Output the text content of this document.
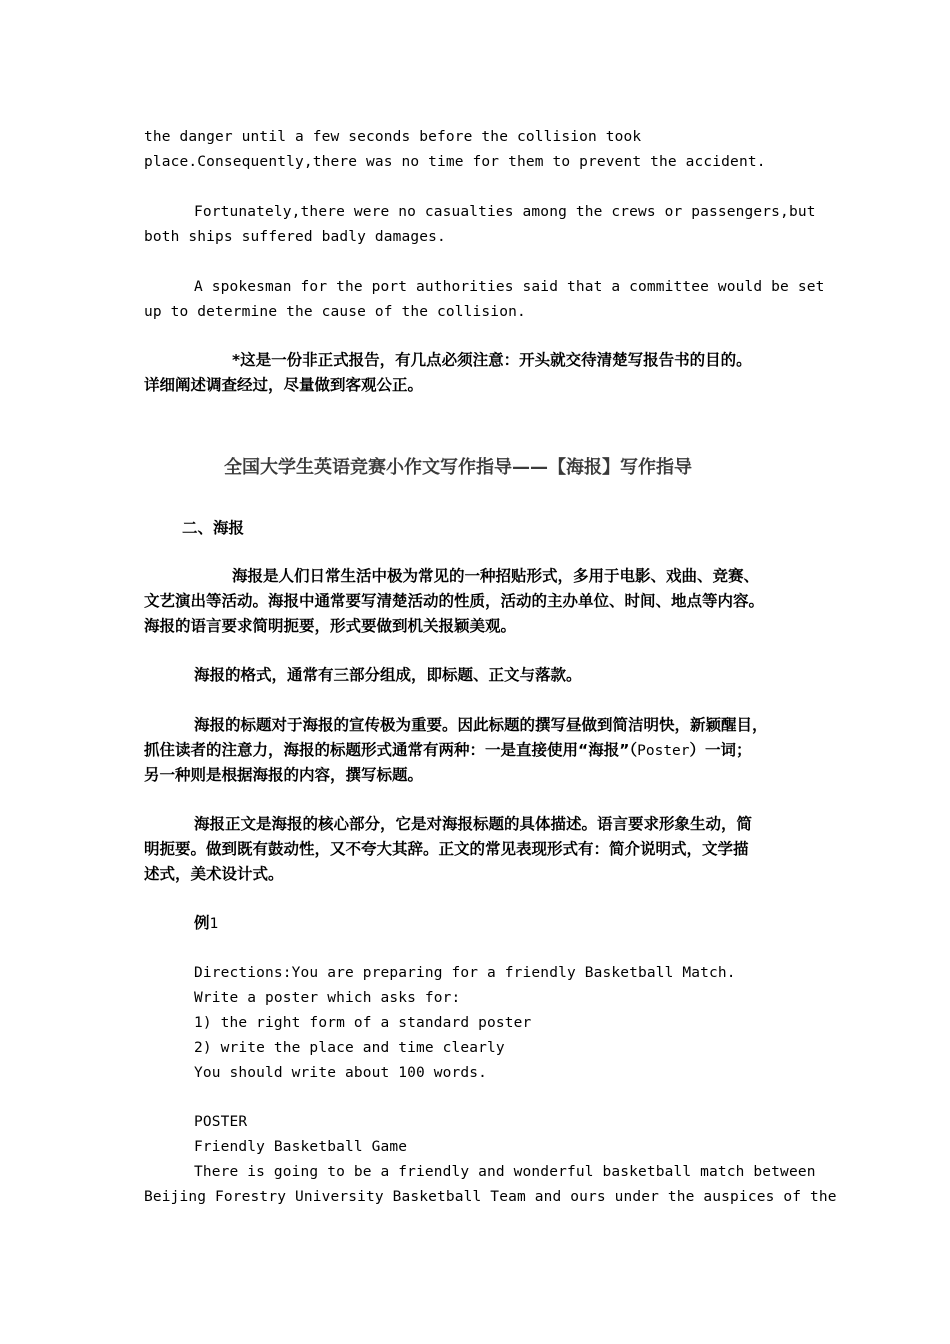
the danger until a few seconds before the collision took
place.Consequently,there was no time for them to prevent the accident.
Fortunately,there were no casualties among the crews or passengers,but
both ships suffered badly damages.
A spokesman for the port authorities said that a committee would be set
up to determine the cause of the collision.
*这是一份非正式报告，有几点必须注意：开头就交待清楚写报告书的目的。
详细阐述调查经过，尽量做到客观公正。
全国大学生英语竞赛小作文写作指导——【海报】写作指导
二、海报
海报是人们日常生活中极为常见的一种招贴形式，多用于电影、戏曲、竞赛、
文艺演出等活动。海报中通常要写清楚活动的性质，活动的主办单位、时间、地点等内容。
海报的语言要求简明扼要，形式要做到机关报颖美观。
海报的格式，通常有三部分组成，即标题、正文与落款。
海报的标题对于海报的宣传极为重要。因此标题的撰写昼做到简洁明快，新颖醒目，
抓住读者的注意力，海报的标题形式通常有两种：一是直接使用“海报”（Poster）一词；
另一种则是根据海报的内容，撰写标题。
海报正文是海报的核心部分，它是对海报标题的具体描述。语言要求形象生动，简
明扼要。做到既有鼓动性，又不夸大其辞。正文的常见表现形式有：简介说明式，文学描
述式，美术设计式。
例1
Directions:You are preparing for a friendly Basketball Match.
Write a poster which asks for:
1) the right form of a standard poster
2) write the place and time clearly
You should write about 100 words.
POSTER
Friendly Basketball Game
There is going to be a friendly and wonderful basketball match between
Beijing Forestry University Basketball Team and ours under the auspices of the
